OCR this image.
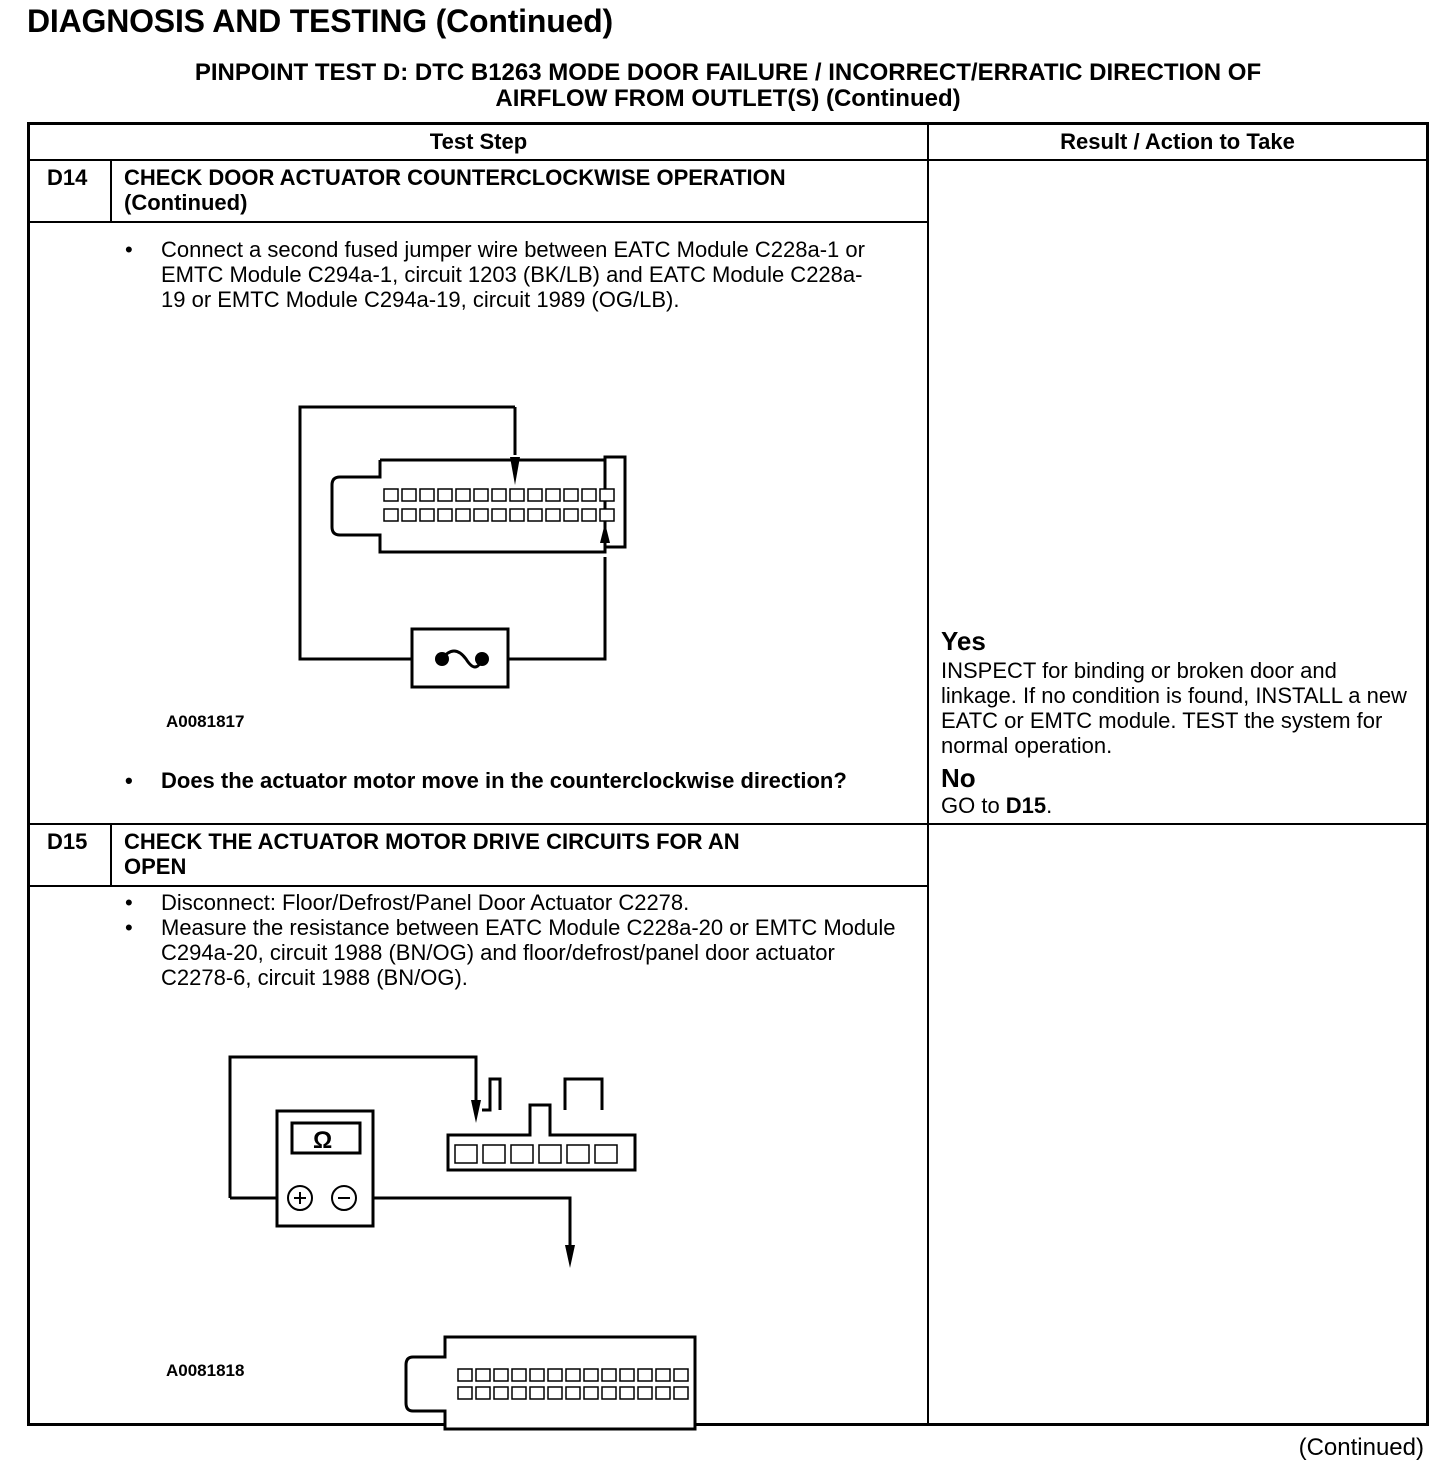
DIAGNOSIS AND TESTING (Continued)
PINPOINT TEST D: DTC B1263 MODE DOOR FAILURE / INCORRECT/ERRATIC DIRECTION OF
AIRFLOW FROM OUTLET(S) (Continued)
Test Step	Result / Action to Take
D14 CHECK DOOR ACTUATOR COUNTERCLOCKWISE OPERATION
(Continued)
• Connect a second fused jumper wire between EATC Module C228a-1 or EMTC Module C294a-1, circuit 1203 (BK/LB) and EATC Module C228a-19 or EMTC Module C294a-19, circuit 1989 (OG/LB).
A0081817
• Does the actuator motor move in the counterclockwise direction?
Yes
INSPECT for binding or broken door and linkage. If no condition is found, INSTALL a new EATC or EMTC module. TEST the system for normal operation.
No
GO to D15.
D15 CHECK THE ACTUATOR MOTOR DRIVE CIRCUITS FOR AN
OPEN
• Disconnect: Floor/Defrost/Panel Door Actuator C2278.
• Measure the resistance between EATC Module C228a-20 or EMTC Module C294a-20, circuit 1988 (BN/OG) and floor/defrost/panel door actuator C2278-6, circuit 1988 (BN/OG).
Ω
A0081818
(Continued)
